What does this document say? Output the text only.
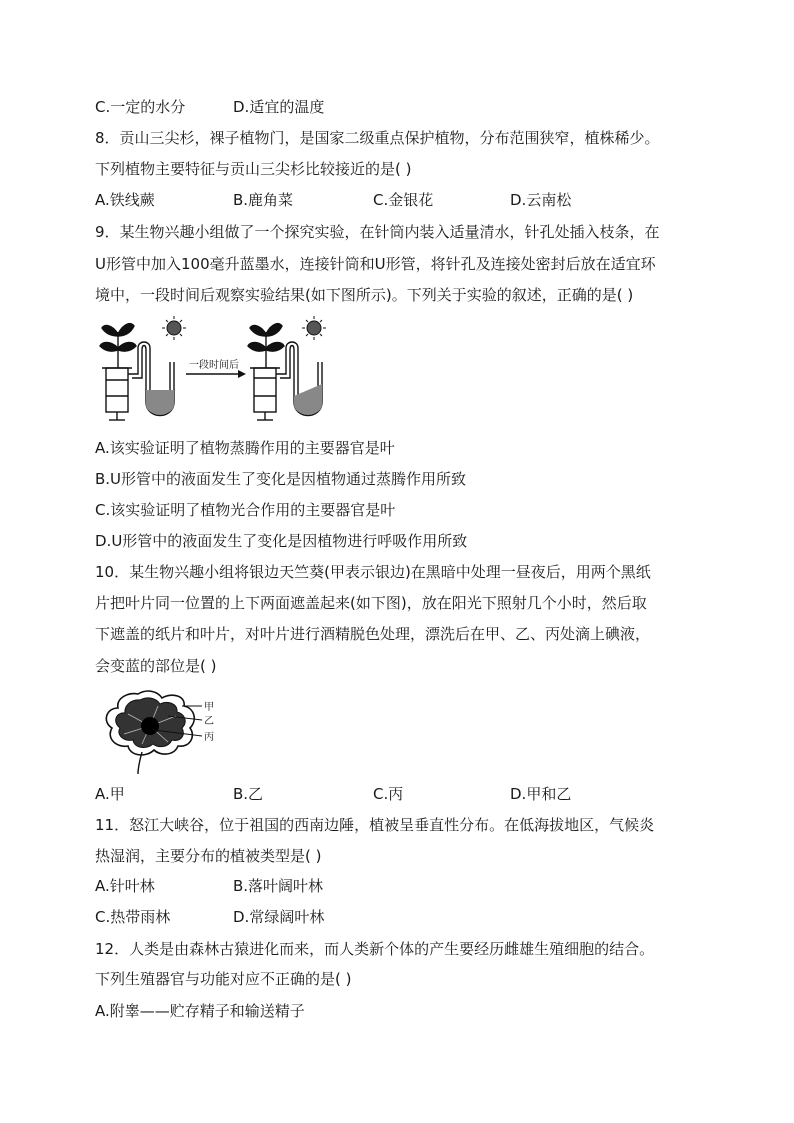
C.一定的水分	D.适宜的温度
8．贡山三尖杉，裸子植物门，是国家二级重点保护植物，分布范围狭窄，植株稀少。
下列植物主要特征与贡山三尖杉比较接近的是( )
A.铁线蕨	B.鹿角菜	C.金银花	D.云南松
9．某生物兴趣小组做了一个探究实验，在针筒内装入适量清水，针孔处插入枝条，在
U形管中加入100毫升蓝墨水，连接针筒和U形管，将针孔及连接处密封后放在适宜环
境中，一段时间后观察实验结果(如下图所示)。下列关于实验的叙述，正确的是( )
一段时间后
A.该实验证明了植物蒸腾作用的主要器官是叶
B.U形管中的液面发生了变化是因植物通过蒸腾作用所致
C.该实验证明了植物光合作用的主要器官是叶
D.U形管中的液面发生了变化是因植物进行呼吸作用所致
10．某生物兴趣小组将银边天竺葵(甲表示银边)在黑暗中处理一昼夜后，用两个黑纸
片把叶片同一位置的上下两面遮盖起来(如下图)，放在阳光下照射几个小时，然后取
下遮盖的纸片和叶片，对叶片进行酒精脱色处理，漂洗后在甲、乙、丙处滴上碘液，
会变蓝的部位是( )
甲
乙
丙
A.甲	B.乙	C.丙	D.甲和乙
11．怒江大峡谷，位于祖国的西南边陲，植被呈垂直性分布。在低海拔地区，气候炎
热湿润，主要分布的植被类型是( )
A.针叶林	B.落叶阔叶林
C.热带雨林	D.常绿阔叶林
12．人类是由森林古猿进化而来，而人类新个体的产生要经历雌雄生殖细胞的结合。
下列生殖器官与功能对应不正确的是( )
A.附睾——贮存精子和输送精子
